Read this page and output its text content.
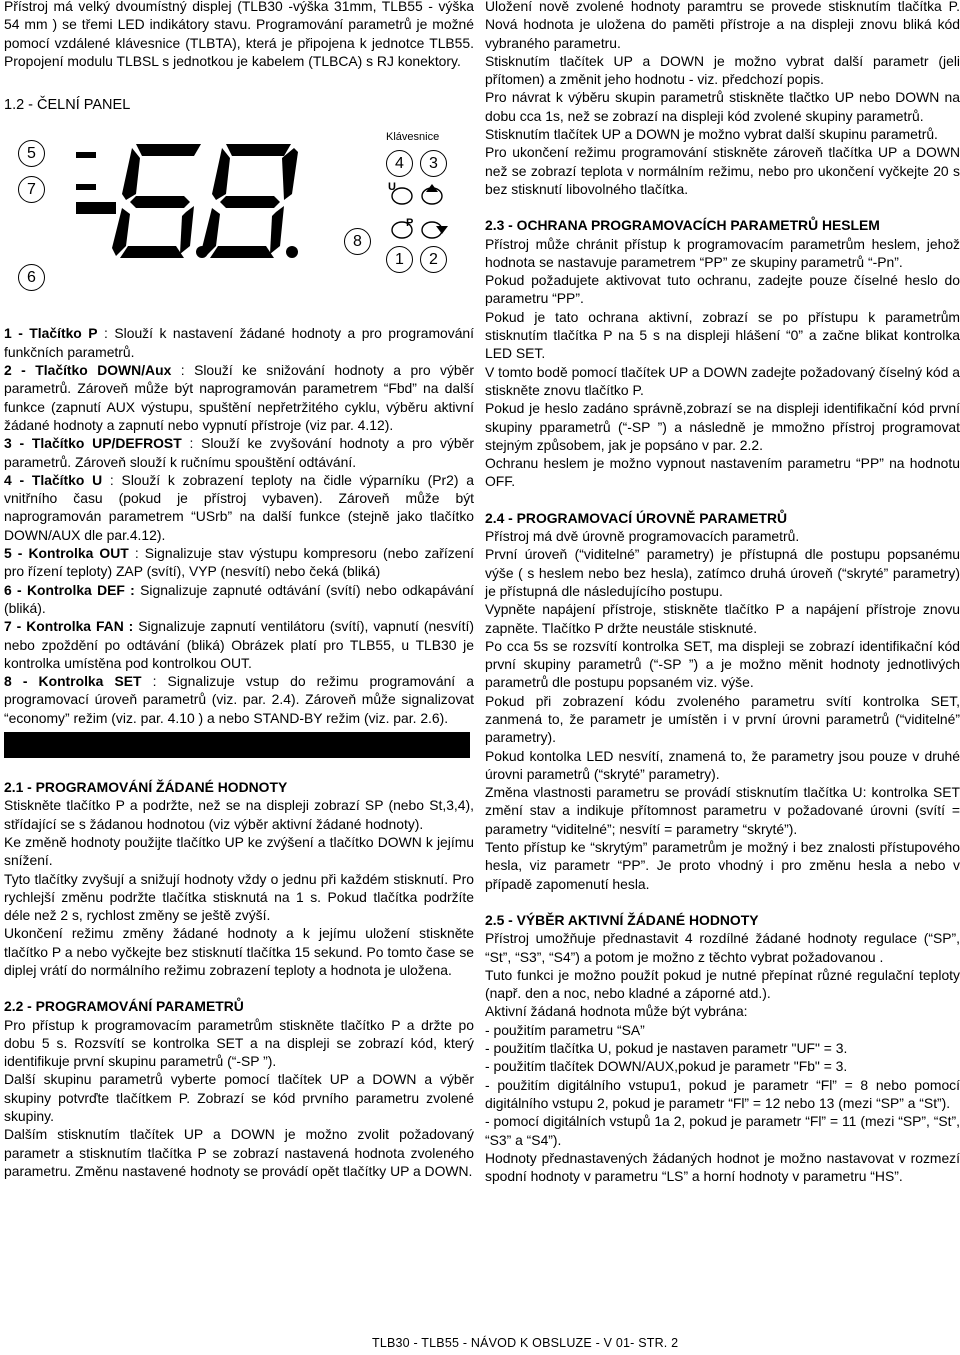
Přístroj má velký dvoumístný displej (TLB30 -výška 31mm, TLB55 - výška 54 mm ) se třemi LED indikátory stavu. Programování parametrů je možné pomocí vzdálené klávesnice (TLBTA), která je připojena k jednotce TLB55. Propojení modulu TLBSL s jednotkou je kabelem (TLBCA) s RJ konektory.

1.2 - ČELNÍ PANEL

5
7
6
8
Klávesnice
4	3
U
P
1	2

1 - Tlačítko P : Slouží k nastavení žádané hodnoty a pro programování funkčních parametrů.

2 - Tlačítko DOWN/Aux : Slouží ke snižování hodnoty a pro výběr parametrů. Zároveň může být naprogramován parametrem “Fbd” na další funkce (zapnutí AUX výstupu, spuštění nepřetržitého cyklu, výběru aktivní žádané hodnoty a zapnutí nebo vypnutí přístroje (viz par. 4.12).

3 - Tlačítko UP/DEFROST : Slouží ke zvyšování hodnoty a pro výběr parametrů. Zároveň slouží k ručnímu spouštění odtávání.

4 - Tlačítko U : Slouží k zobrazení teploty na čidle výparníku (Pr2) a vnitřního času (pokud je přístroj vybaven). Zároveň může být naprogramován parametrem “USrb” na další funkce (stejně jako tlačítko DOWN/AUX dle par.4.12).

5 - Kontrolka OUT : Signalizuje stav výstupu kompresoru (nebo zařízení pro řízení teploty) ZAP (svítí), VYP (nesvítí) nebo čeká (bliká)

6 - Kontrolka DEF : Signalizuje zapnuté odtávání (svítí) nebo odkapávání (bliká).

7 - Kontrolka FAN : Signalizuje zapnutí ventilátoru (svítí), vapnutí (nesvítí) nebo zpoždění po odtávání (bliká) Obrázek platí pro TLB55, u TLB30 je kontrolka umístěna pod kontrolkou OUT.

8 - Kontrolka SET : Signalizuje vstup do režimu programování a programovací úroveň parametrů (viz. par. 2.4). Zároveň může signalizovat “economy” režim (viz. par. 4.10 ) a nebo STAND-BY režim (viz. par. 2.6).

2.1 - PROGRAMOVÁNÍ ŽÁDANÉ HODNOTY

Stiskněte tlačítko P a podržte, než se na displeji zobrazí SP (nebo St,3,4), střídající se s žádanou hodnotou (viz výběr aktivní žádané hodnoty).

Ke změně hodnoty použijte tlačítko UP ke zvýšení a tlačítko DOWN k jejímu snížení.

Tyto tlačítky zvyšují a snižují hodnoty vždy o jednu při každém stisknutí. Pro rychlejší změnu podržte tlačítka stisknutá na 1 s. Pokud tlačítka podržíte déle než 2 s, rychlost změny se ještě zvýší.

Ukončení režimu změny žádané hodnoty a k jejímu uložení stiskněte tlačítko P a nebo vyčkejte bez stisknutí tlačítka 15 sekund. Po tomto čase se diplej vrátí do normálního režimu zobrazení teploty a hodnota je uložena.

2.2 - PROGRAMOVÁNÍ PARAMETRŮ

Pro přístup k programovacím parametrům stiskněte tlačítko P a držte po dobu 5 s. Rozsvítí se kontrolka SET a na displeji se zobrazí kód, který identifikuje první skupinu parametrů (“-SP ”).

Další skupinu parametrů vyberte pomocí tlačítek UP a DOWN a výběr skupiny potvrďte tlačítkem P. Zobrazí se kód prvního parametru zvolené skupiny.

Dalším stisknutím tlačítek UP a DOWN je možno zvolit požadovaný parametr a stisknutím tlačítka P se zobrazí nastavená hodnota zvoleného parametru. Změnu nastavené hodnoty se provádí opět tlačítky UP a DOWN.

Uložení nově zvolené hodnoty paramtru se provede stisknutím tlačítka P. Nová hodnota je uložena do paměti přístroje a na displeji znovu bliká kód vybraného parametru.

Stisknutím tlačítek UP a DOWN je možno vybrat další parametr (jeli přítomen) a změnit jeho hodnotu - viz. předchozí popis.

Pro návrat k výběru skupin parametrů stiskněte tlačtko UP nebo DOWN na dobu cca 1s, než se zobrazí na displeji kód zvolené skupiny parametrů.

Stisknutím tlačítek UP a DOWN je možno vybrat další skupinu parametrů.

Pro ukončení režimu programování stiskněte zároveň tlačítka UP a DOWN než se zobrazí teplota v normálním režimu, nebo pro ukončení vyčkejte 20 s bez stisknutí libovolného tlačítka.

2.3 - OCHRANA PROGRAMOVACÍCH PARAMETRŮ HESLEM

Přístroj může chránit přístup k programovacím parametrům heslem, jehož hodnota se nastavuje parametrem “PP” ze skupiny parametrů “-Pn”.

Pokud požadujete aktivovat tuto ochranu, zadejte pouze číselné heslo do parametru “PP”.

Pokud je tato ochrana aktivní, zobrazí se po přístupu k parametrům stisknutím tlačítka P na 5 s na displeji hlášení “0” a začne blikat kontrolka LED SET.

V tomto bodě pomocí tlačítek UP a DOWN zadejte požadovaný číselný kód a stiskněte znovu tlačítko P.

Pokud je heslo zadáno správně,zobrazí se na displeji identifikační kód první skupiny pparametrů (“-SP ”) a následně je mmožno přístroj programovat stejným způsobem, jak je popsáno v par. 2.2.

Ochranu heslem je možno vypnout nastavením parametru “PP” na hodnotu OFF.

2.4 - PROGRAMOVACÍ ÚROVNĚ PARAMETRŮ

Přístroj má dvě úrovně programovacích parametrů.

První úroveň (“viditelné” parametry) je přístupná dle postupu popsanému výše ( s heslem nebo bez hesla), zatímco druhá úroveň (“skryté” parametry) je přístupná dle následujícího postupu.

Vypněte napájení přístroje, stiskněte tlačítko P a napájení přístroje znovu zapněte. Tlačítko P držte neustále stisknuté.

Po cca 5s se rozsvítí kontrolka SET, ma displeji se zobrazí identifikační kód první skupiny parametrů (“-SP ”) a je možno měnit hodnoty jednotlivých parametrů dle postupu popsaném viz. výše.

Pokud při zobrazení kódu zvoleného parametru svítí kontrolka SET, zanmená to, že parametr je umístěn i v první úrovni parametrů (“viditelné” parametry).

Pokud kontolka LED nesvítí, znamená to, že parametry jsou pouze v druhé úrovni parametrů (“skryté” parametry).

Změna vlastnosti parametru se provádí stisknutím tlačítka U: kontrolka SET změní stav a indikuje přítomnost parametru v požadované úrovni (svítí = parametry “viditelné”; nesvítí = parametry “skryté”).

Tento přístup ke “skrytým” parametrům je možný i bez znalosti přístupového hesla, viz parametr “PP”. Je proto vhodný i pro změnu hesla a nebo v případě zapomenutí hesla.

2.5 - VÝBĚR AKTIVNÍ ŽÁDANÉ HODNOTY

Přístroj umožňuje přednastavit 4 rozdílné žádané hodnoty regulace (“SP”, “St”, “S3”, “S4”) a potom je možno z těchto vybrat požadovanou .

Tuto funkci je možno použít pokud je nutné přepínat různé regulační teploty (např. den a noc, nebo kladné a záporné atd.).

Aktivní žádaná hodnota může být vybrána:

- použitím parametru “SA”

- použitím tlačítka U, pokud je nastaven parametr "UF" = 3.

- použitím tlačítek DOWN/AUX,pokud je parametr "Fb" = 3.

- použitím digitálního vstupu1, pokud je parametr “Fl” = 8 nebo pomocí digitálního vstupu 2, pokud je parametr “Fl” = 12 nebo 13 (mezi “SP” a “St”).

- pomocí digitálních vstupů 1a 2, pokud je parametr “Fl” = 11 (mezi “SP”, “St”, “S3” a “S4”).

Hodnoty přednastavených žádaných hodnot je možno nastavovat v rozmezí spodní hodnoty v parametru “LS” a horní hodnoty v parametru “HS”.

TLB30 - TLB55 - NÁVOD K OBSLUZE - V 01- STR. 2
